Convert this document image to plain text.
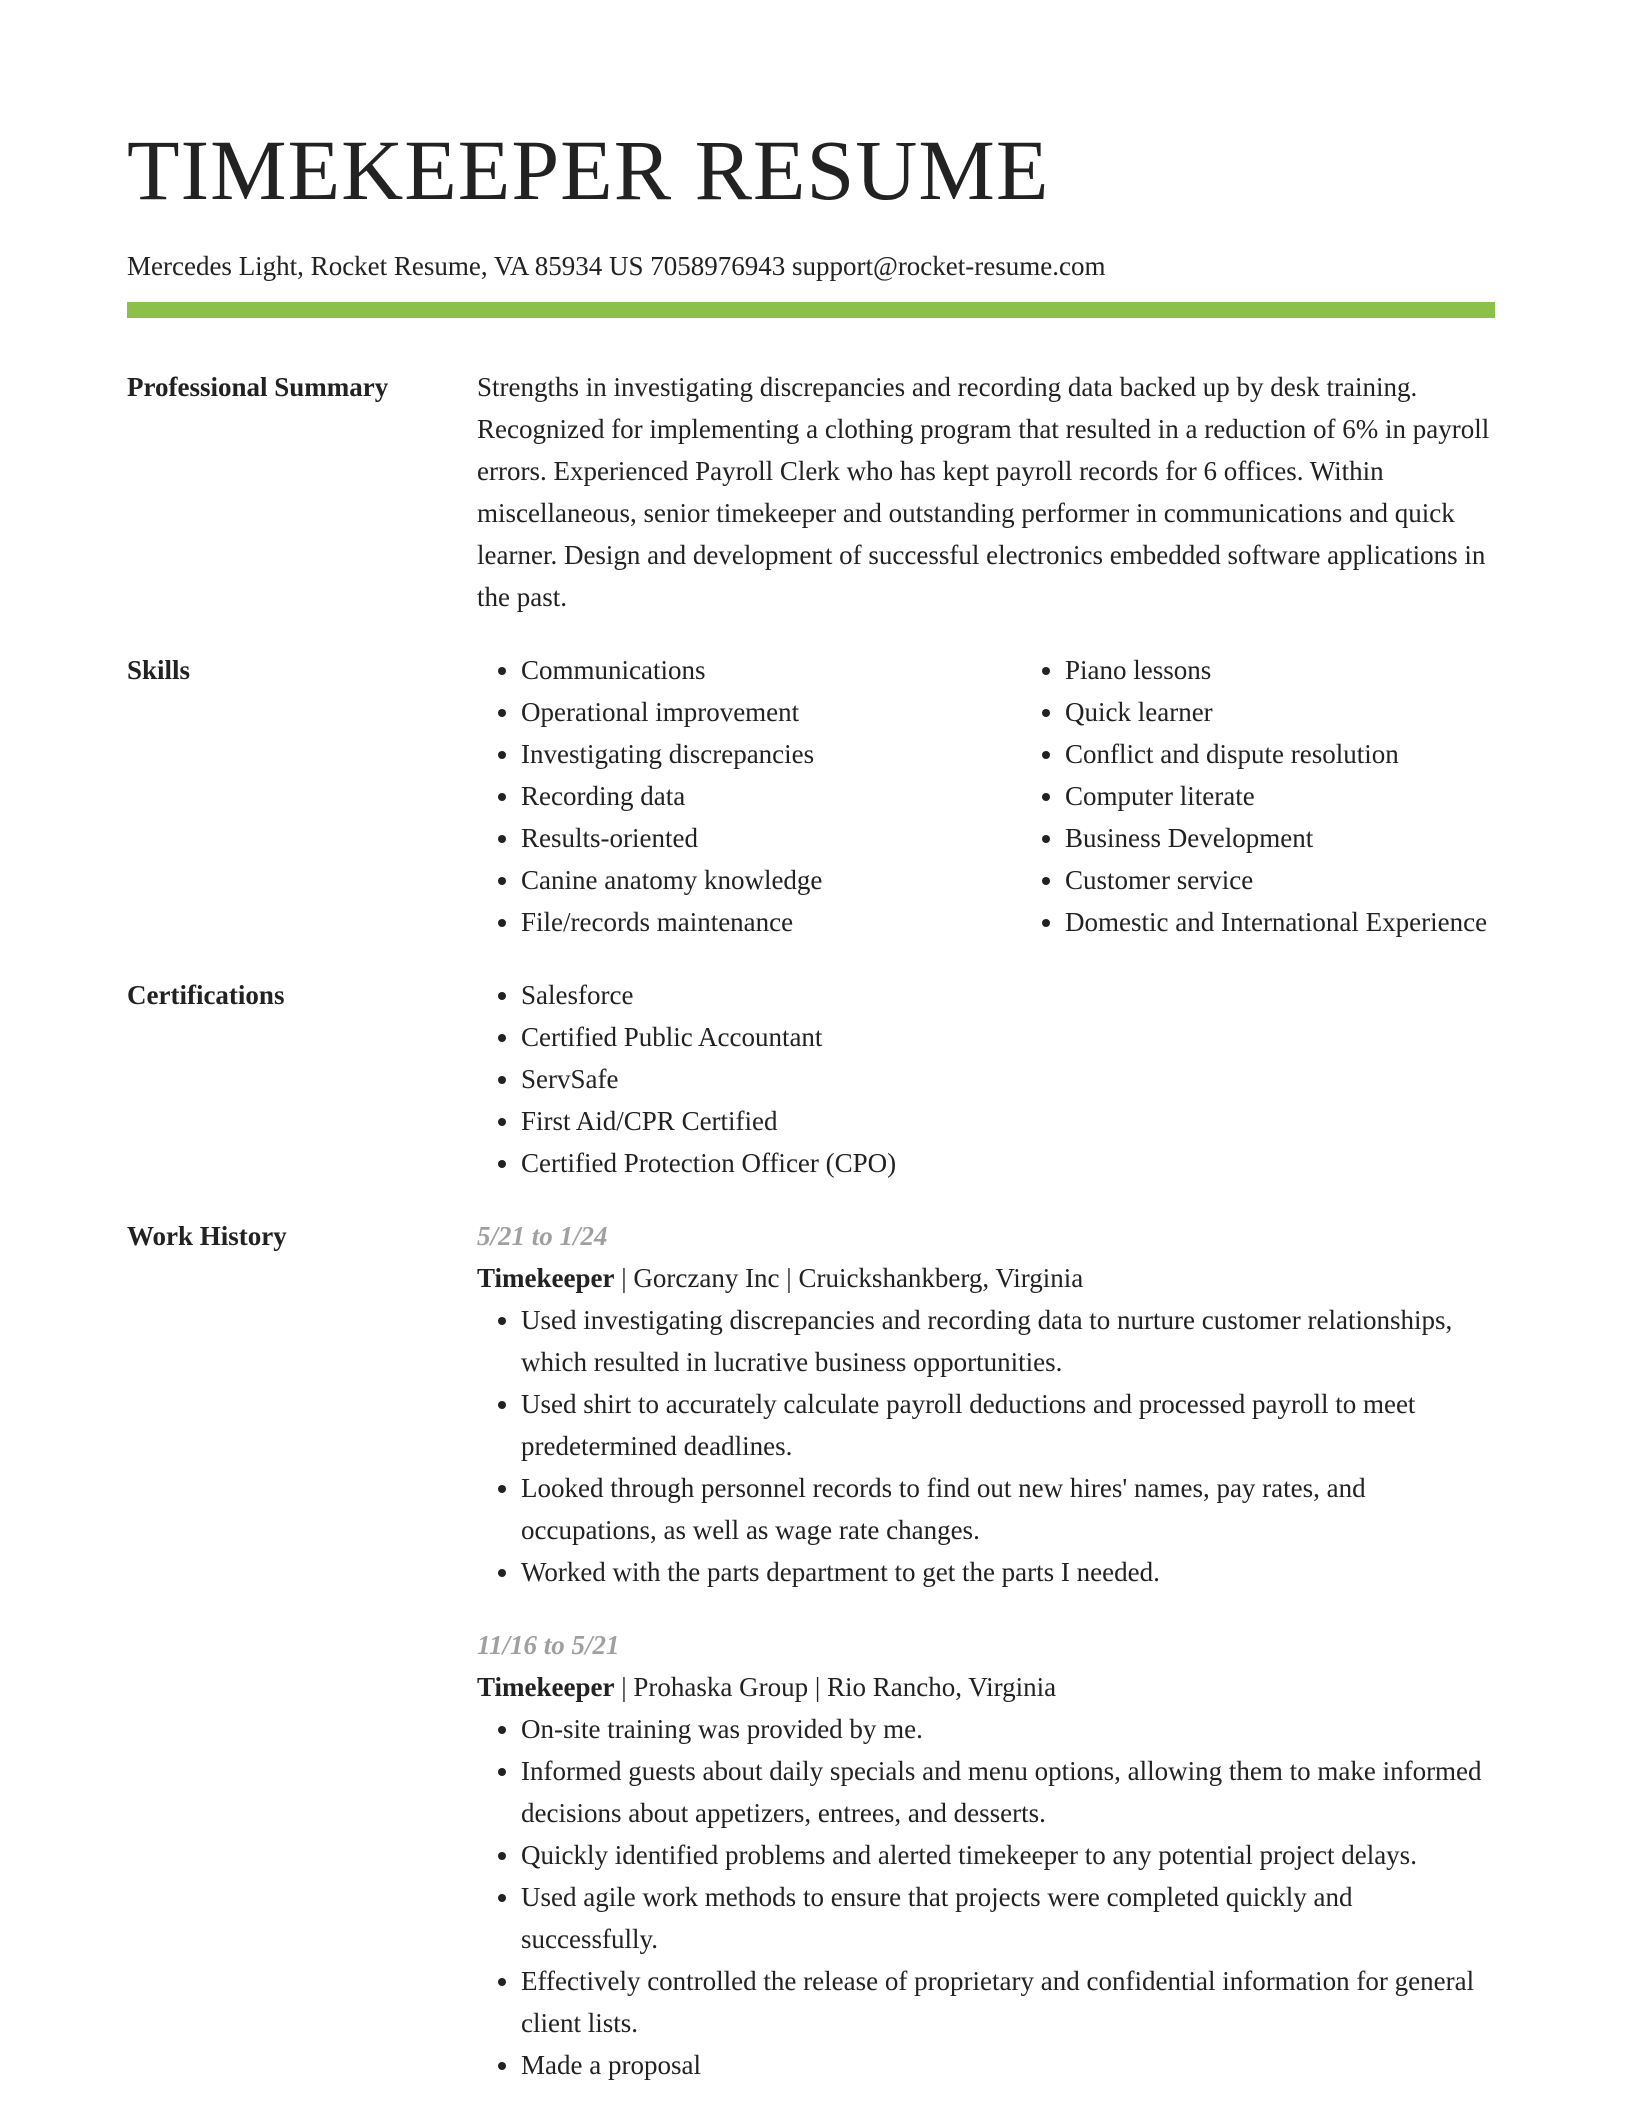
TIMEKEEPER RESUME
Mercedes Light, Rocket Resume, VA 85934 US 7058976943 support@rocket-resume.com
Professional Summary	Strengths in investigating discrepancies and recording data backed up by desk training. Recognized for implementing a clothing program that resulted in a reduction of 6% in payroll errors. Experienced Payroll Clerk who has kept payroll records for 6 offices. Within miscellaneous, senior timekeeper and outstanding performer in communications and quick learner. Design and development of successful electronics embedded software applications in the past.
Skills	• Communications
• Operational improvement
• Investigating discrepancies
• Recording data
• Results-oriented
• Canine anatomy knowledge
• File/records maintenance
• Piano lessons
• Quick learner
• Conflict and dispute resolution
• Computer literate
• Business Development
• Customer service
• Domestic and International Experience
Certifications	• Salesforce
• Certified Public Accountant
• ServSafe
• First Aid/CPR Certified
• Certified Protection Officer (CPO)
Work History	5/21 to 1/24
Timekeeper | Gorczany Inc | Cruickshankberg, Virginia
• Used investigating discrepancies and recording data to nurture customer relationships, which resulted in lucrative business opportunities.
• Used shirt to accurately calculate payroll deductions and processed payroll to meet predetermined deadlines.
• Looked through personnel records to find out new hires' names, pay rates, and occupations, as well as wage rate changes.
• Worked with the parts department to get the parts I needed.
11/16 to 5/21
Timekeeper | Prohaska Group | Rio Rancho, Virginia
• On-site training was provided by me.
• Informed guests about daily specials and menu options, allowing them to make informed decisions about appetizers, entrees, and desserts.
• Quickly identified problems and alerted timekeeper to any potential project delays.
• Used agile work methods to ensure that projects were completed quickly and successfully.
• Effectively controlled the release of proprietary and confidential information for general client lists.
• Made a proposal
